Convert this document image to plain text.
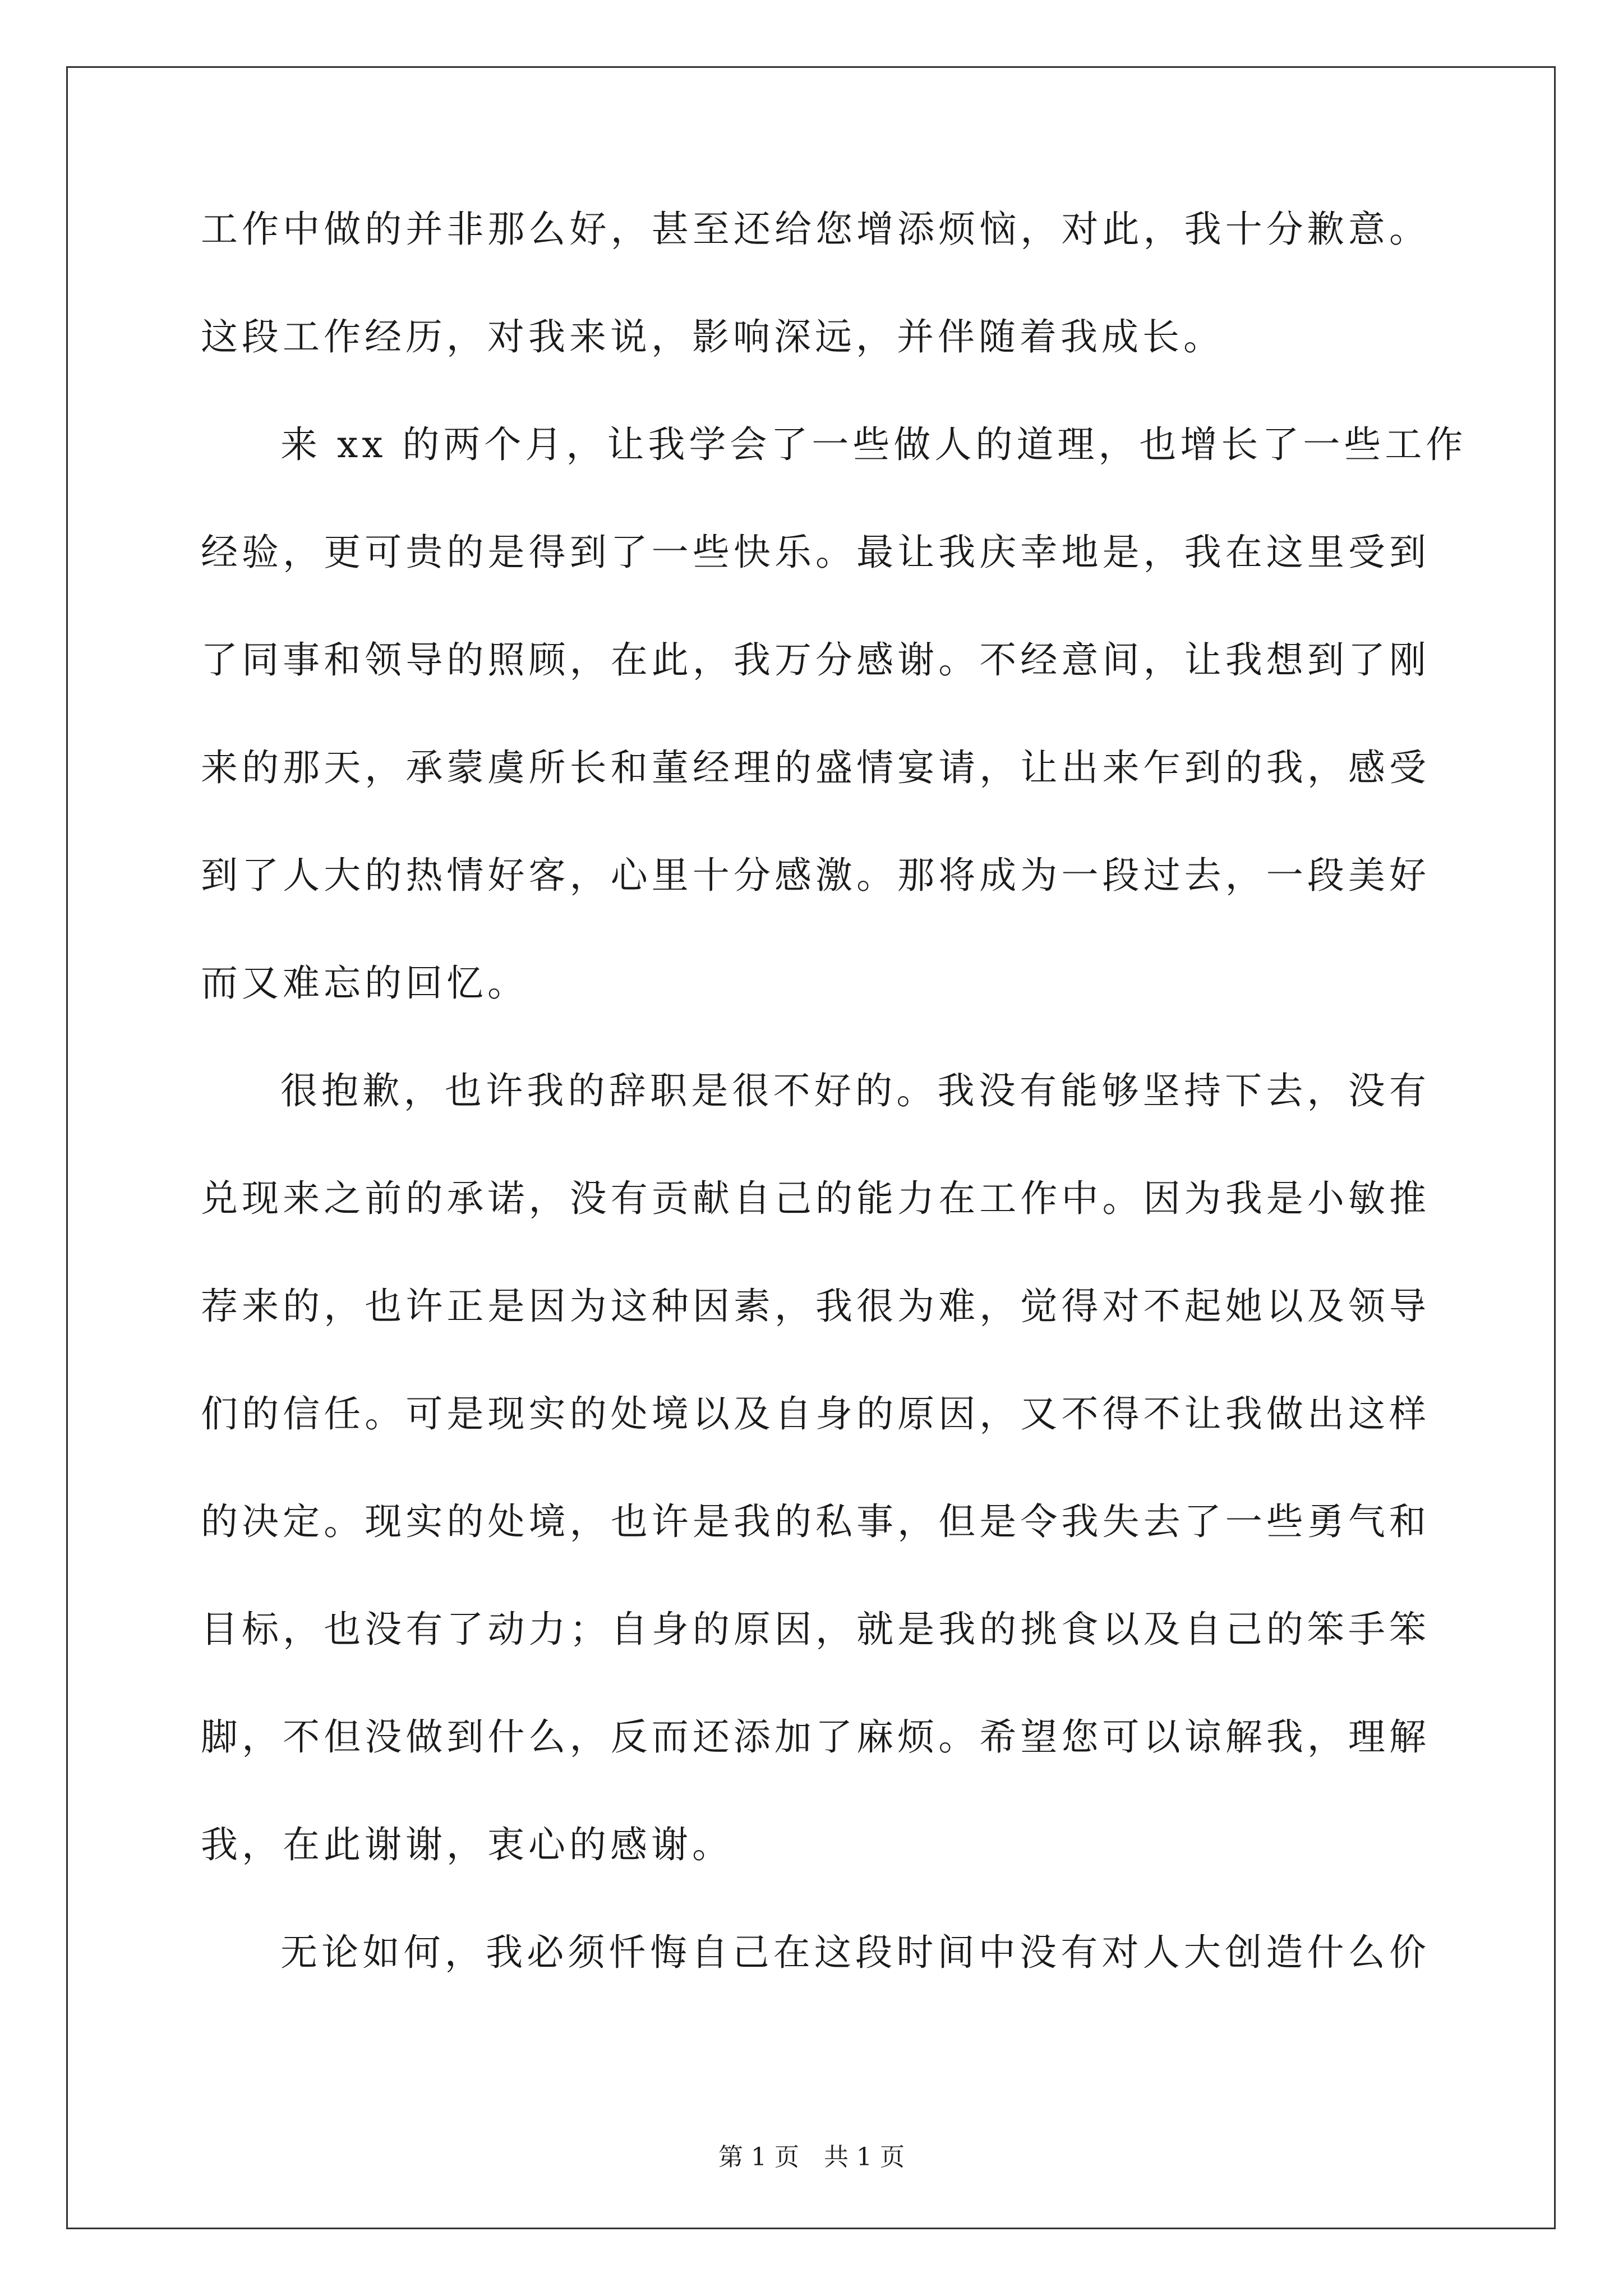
工作中做的并非那么好，甚至还给您增添烦恼，对此，我十分歉意。
这段工作经历，对我来说，影响深远，并伴随着我成长。
来 xx 的两个月，让我学会了一些做人的道理，也增长了一些工作
经验，更可贵的是得到了一些快乐。最让我庆幸地是，我在这里受到
了同事和领导的照顾，在此，我万分感谢。不经意间，让我想到了刚
来的那天，承蒙虞所长和董经理的盛情宴请，让出来乍到的我，感受
到了人大的热情好客，心里十分感激。那将成为一段过去，一段美好
而又难忘的回忆。
很抱歉，也许我的辞职是很不好的。我没有能够坚持下去，没有
兑现来之前的承诺，没有贡献自己的能力在工作中。因为我是小敏推
荐来的，也许正是因为这种因素，我很为难，觉得对不起她以及领导
们的信任。可是现实的处境以及自身的原因，又不得不让我做出这样
的决定。现实的处境，也许是我的私事，但是令我失去了一些勇气和
目标，也没有了动力；自身的原因，就是我的挑食以及自己的笨手笨
脚，不但没做到什么，反而还添加了麻烦。希望您可以谅解我，理解
我，在此谢谢，衷心的感谢。
无论如何，我必须忏悔自己在这段时间中没有对人大创造什么价
第 1 页　共 1 页
